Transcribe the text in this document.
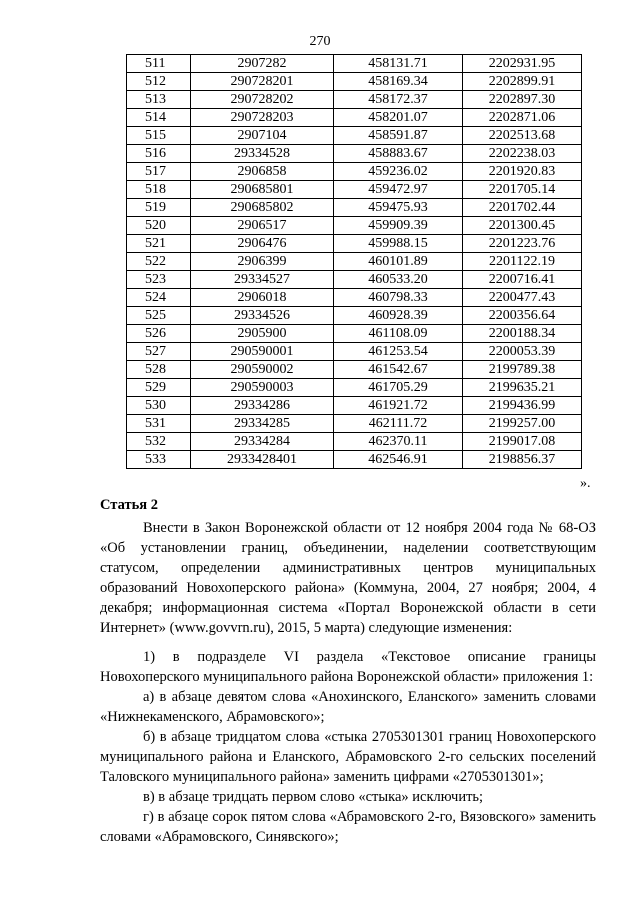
270
511	2907282	458131.71	2202931.95
512	290728201	458169.34	2202899.91
513	290728202	458172.37	2202897.30
514	290728203	458201.07	2202871.06
515	2907104	458591.87	2202513.68
516	29334528	458883.67	2202238.03
517	2906858	459236.02	2201920.83
518	290685801	459472.97	2201705.14
519	290685802	459475.93	2201702.44
520	2906517	459909.39	2201300.45
521	2906476	459988.15	2201223.76
522	2906399	460101.89	2201122.19
523	29334527	460533.20	2200716.41
524	2906018	460798.33	2200477.43
525	29334526	460928.39	2200356.64
526	2905900	461108.09	2200188.34
527	290590001	461253.54	2200053.39
528	290590002	461542.67	2199789.38
529	290590003	461705.29	2199635.21
530	29334286	461921.72	2199436.99
531	29334285	462111.72	2199257.00
532	29334284	462370.11	2199017.08
533	2933428401	462546.91	2198856.37
».
Статья 2
Внести в Закон Воронежской области от 12 ноября 2004 года № 68-ОЗ «Об установлении границ, объединении, наделении соответствующим статусом, определении административных центров муниципальных образований Новохоперского района» (Коммуна, 2004, 27 ноября; 2004, 4 декабря; информационная система «Портал Воронежской области в сети Интернет» (www.govvrn.ru), 2015, 5 марта) следующие изменения:
1) в подразделе VI раздела «Текстовое описание границы Новохоперского муниципального района Воронежской области» приложения 1:
а) в абзаце девятом слова «Анохинского, Еланского» заменить словами «Нижнекаменского, Абрамовского»;
б) в абзаце тридцатом слова «стыка 2705301301 границ Новохоперского муниципального района и Еланского, Абрамовского 2-го сельских поселений Таловского муниципального района» заменить цифрами «2705301301»;
в) в абзаце тридцать первом слово «стыка» исключить;
г) в абзаце сорок пятом слова «Абрамовского 2-го, Вязовского» заменить словами «Абрамовского, Синявского»;
